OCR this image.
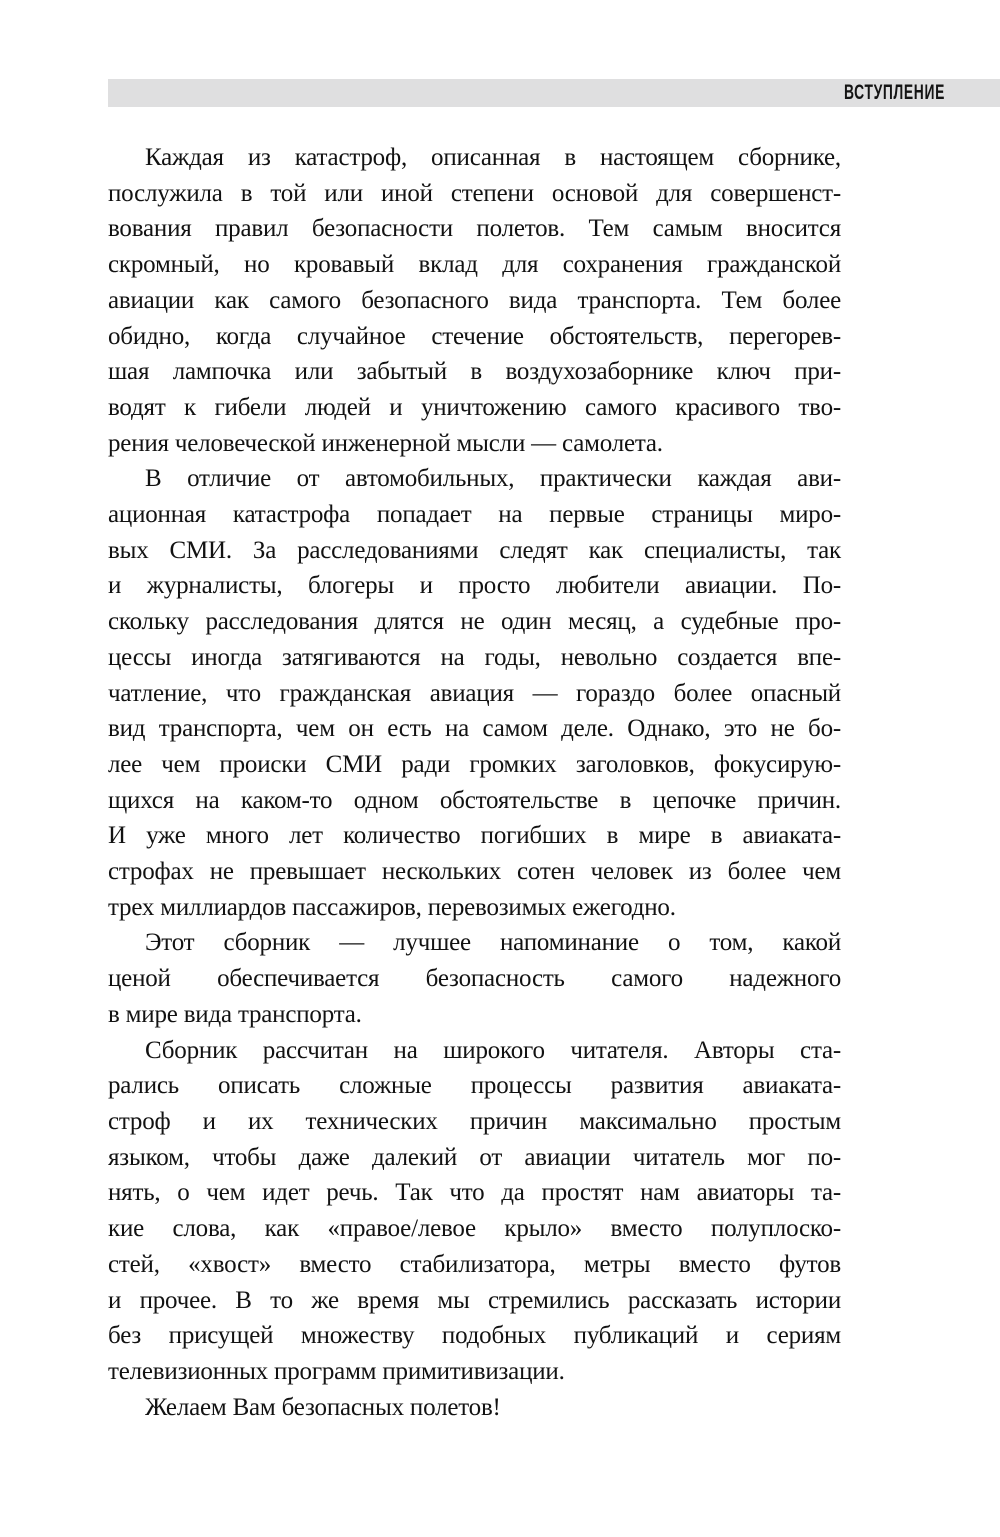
ВСТУПЛЕНИЕ

Каждая из катастроф, описанная в настоящем сборнике,
послужила в той или иной степени основой для совершенст-
вования правил безопасности полетов. Тем самым вносится
скромный, но кровавый вклад для сохранения гражданской
авиации как самого безопасного вида транспорта. Тем более
обидно, когда случайное стечение обстоятельств, перегорев-
шая лампочка или забытый в воздухозаборнике ключ при-
водят к гибели людей и уничтожению самого красивого тво-
рения человеческой инженерной мысли — самолета.

В отличие от автомобильных, практически каждая ави-
ационная катастрофа попадает на первые страницы миро-
вых СМИ. За расследованиями следят как специалисты, так
и журналисты, блогеры и просто любители авиации. По-
скольку расследования длятся не один месяц, а судебные про-
цессы иногда затягиваются на годы, невольно создается впе-
чатление, что гражданская авиация — гораздо более опасный
вид транспорта, чем он есть на самом деле. Однако, это не бо-
лее чем происки СМИ ради громких заголовков, фокусирую-
щихся на каком-то одном обстоятельстве в цепочке причин.
И уже много лет количество погибших в мире в авиаката-
строфах не превышает нескольких сотен человек из более чем
трех миллиардов пассажиров, перевозимых ежегодно.

Этот сборник — лучшее напоминание о том, какой
ценой обеспечивается безопасность самого надежного
в мире вида транспорта.

Сборник рассчитан на широкого читателя. Авторы ста-
рались описать сложные процессы развития авиаката-
строф и их технических причин максимально простым
языком, чтобы даже далекий от авиации читатель мог по-
нять, о чем идет речь. Так что да простят нам авиаторы та-
кие слова, как «правое/левое крыло» вместо полуплоско-
стей, «хвост» вместо стабилизатора, метры вместо футов
и прочее. В то же время мы стремились рассказать истории
без присущей множеству подобных публикаций и сериям
телевизионных программ примитивизации.

Желаем Вам безопасных полетов!
